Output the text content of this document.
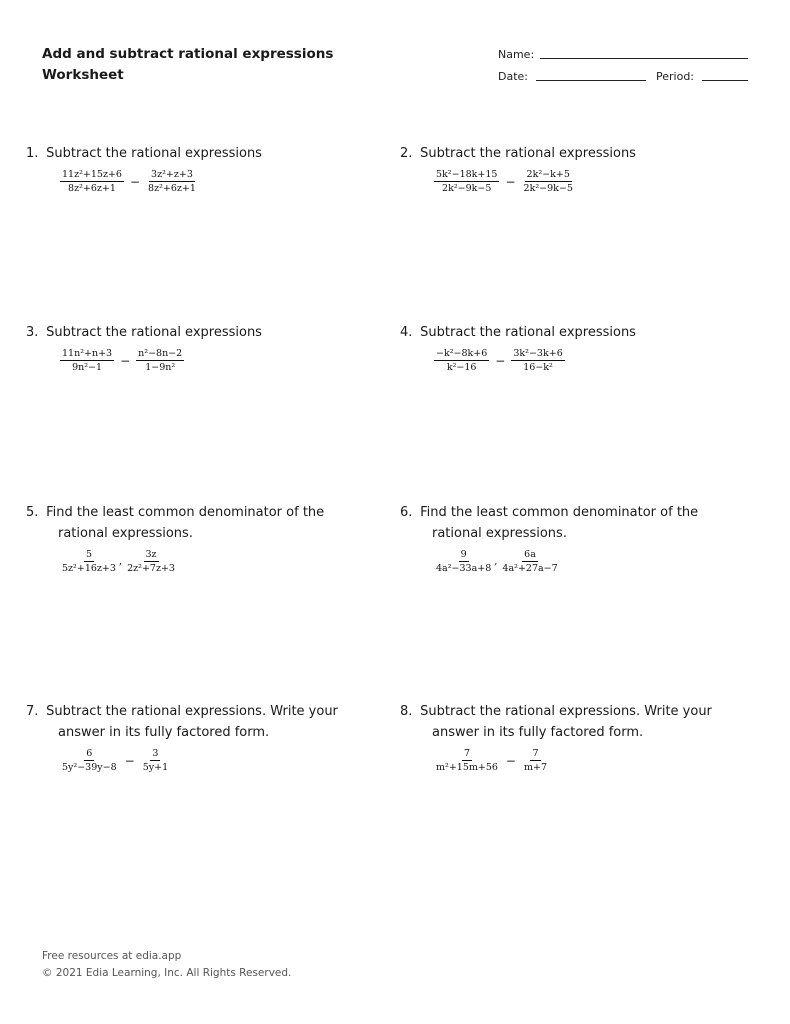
Add and subtract rational expressions
Worksheet
Name:
Date:	Period:
1. Subtract the rational expressions
$\frac{\text{11z²+15z+6}}{\text{8z²+6z+1}} - \frac{\text{3z²+z+3}}{\text{8z²+6z+1}}$
2. Subtract the rational expressions
$\frac{\text{5k²−18k+15}}{\text{2k²−9k−5}} - \frac{\text{2k²−k+5}}{\text{2k²−9k−5}}$
3. Subtract the rational expressions
$\frac{\text{11n²+n+3}}{\text{9n²−1}} - \frac{\text{n²−8n−2}}{\text{1−9n²}}$
4. Subtract the rational expressions
$\frac{\text{−k²−8k+6}}{\text{k²−16}} - \frac{\text{3k²−3k+6}}{\text{16−k²}}$
5. Find the least common denominator of the rational expressions.
$\frac{5}{\text{5z²+16z+3}}$ , $\frac{3z}{\text{2z²+7z+3}}$
6. Find the least common denominator of the rational expressions.
$\frac{9}{\text{4a²−33a+8}}$ , $\frac{6a}{\text{4a²+27a−7}}$
7. Subtract the rational expressions. Write your answer in its fully factored form.
$\frac{6}{\text{5y²−39y−8}} - \frac{3}{5y+1}$
8. Subtract the rational expressions. Write your answer in its fully factored form.
$\frac{7}{\text{m²+15m+56}} - \frac{7}{m+7}$
Free resources at edia.app
© 2021 Edia Learning, Inc. All Rights Reserved.
